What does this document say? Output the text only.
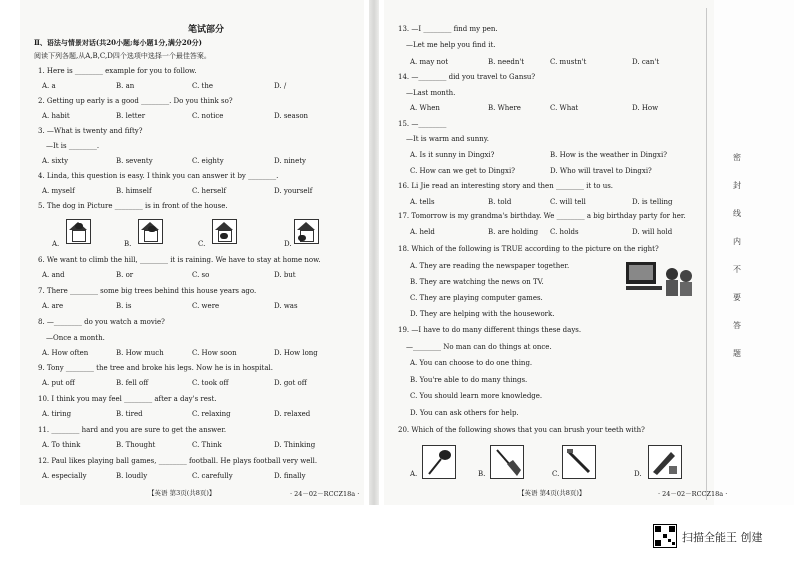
笔试部分
Ⅱ、语法与情景对话(共20小题;每小题1分,满分20分)
阅读下列各题,从A,B,C,D四个选项中选择一个最佳答案。
1. Here is ________ example for you to follow.
A. a	B. an	C. the	D. /
2. Getting up early is a good ________. Do you think so?
A. habit	B. letter	C. notice	D. season
3. —What is twenty and fifty?
—It is ________.
A. sixty	B. seventy	C. eighty	D. ninety
4. Linda, this question is easy. I think you can answer it by ________.
A. myself	B. himself	C. herself	D. yourself
5. The dog in Picture ________ is in front of the house.
A.	B.	C.	D.
6. We want to climb the hill, ________ it is raining. We have to stay at home now.
A. and	B. or	C. so	D. but
7. There ________ some big trees behind this house years ago.
A. are	B. is	C. were	D. was
8. —________ do you watch a movie?
—Once a month.
A. How often	B. How much	C. How soon	D. How long
9. Tony ________ the tree and broke his legs. Now he is in hospital.
A. put off	B. fell off	C. took off	D. got off
10. I think you may feel ________ after a day's rest.
A. tiring	B. tired	C. relaxing	D. relaxed
11. ________ hard and you are sure to get the answer.
A. To think	B. Thought	C. Think	D. Thinking
12. Paul likes playing ball games, ________ football. He plays football very well.
A. especially	B. loudly	C. carefully	D. finally
【英语 第3页(共8页)】	· 24－02－RCCZ18a ·
13. —I ________ find my pen.
—Let me help you find it.
A. may not	B. needn't	C. mustn't	D. can't
14. —________ did you travel to Gansu?
—Last month.
A. When	B. Where	C. What	D. How
15. —________
—It is warm and sunny.
A. Is it sunny in Dingxi?	B. How is the weather in Dingxi?
C. How can we get to Dingxi?	D. Who will travel to Dingxi?
16. Li Jie read an interesting story and then ________ it to us.
A. tells	B. told	C. will tell	D. is telling
17. Tomorrow is my grandma's birthday. We ________ a big birthday party for her.
A. held	B. are holding C. holds	D. will hold
18. Which of the following is TRUE according to the picture on the right?
A. They are reading the newspaper together.
B. They are watching the news on TV.
C. They are playing computer games.
D. They are helping with the housework.
19. —I have to do many different things these days.
—________ No man can do things at once.
A. You can choose to do one thing.
B. You're able to do many things.
C. You should learn more knowledge.
D. You can ask others for help.
20. Which of the following shows that you can brush your teeth with?
A.	B.	C.	D.
【英语 第4页(共8页)】	· 24－02－RCCZ18a ·
密
封
线
内
不
要
答
题
扫描全能王 创建
